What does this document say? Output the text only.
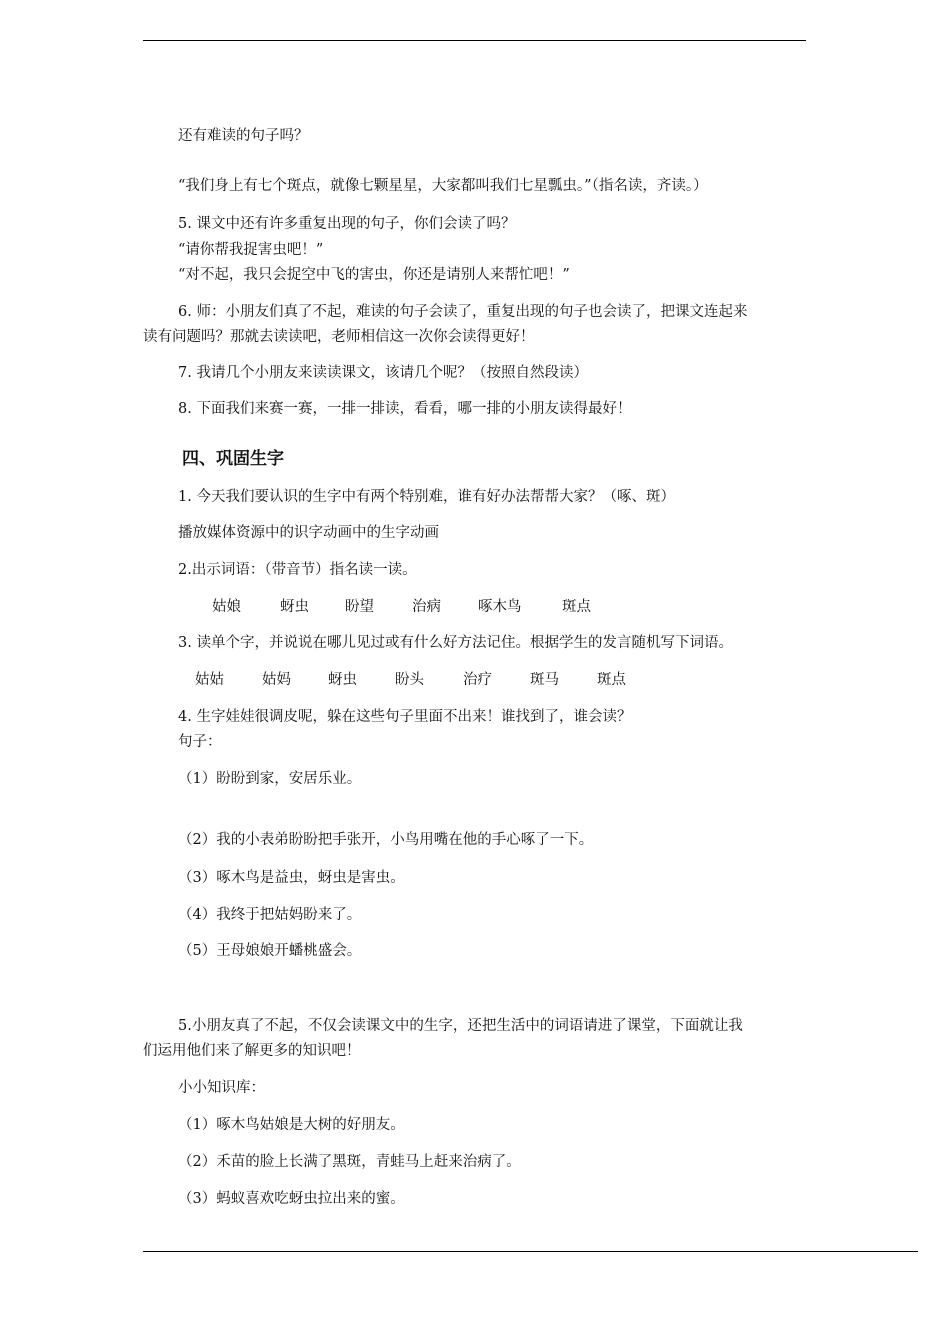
还有难读的句子吗？
“我们身上有七个斑点，就像七颗星星，大家都叫我们七星瓢虫。”（指名读，齐读。）
5. 课文中还有许多重复出现的句子，你们会读了吗？
“请你帮我捉害虫吧！”
“对不起，我只会捉空中飞的害虫，你还是请别人来帮忙吧！”
6. 师：小朋友们真了不起，难读的句子会读了，重复出现的句子也会读了，把课文连起来
读有问题吗？那就去读读吧，老师相信这一次你会读得更好！
7. 我请几个小朋友来读读课文，该请几个呢？（按照自然段读）
8. 下面我们来赛一赛，一排一排读，看看，哪一排的小朋友读得最好！
四、巩固生字
1. 今天我们要认识的生字中有两个特别难，谁有好办法帮帮大家？（啄、斑）
播放媒体资源中的识字动画中的生字动画
2.出示词语：（带音节）指名读一读。
姑娘	蚜虫 盼望	治病	啄木鸟	斑点
3. 读单个字，并说说在哪儿见过或有什么好方法记住。根据学生的发言随机写下词语。
姑姑	姑妈	蚜虫	盼头	治疗	斑马	斑点
4. 生字娃娃很调皮呢，躲在这些句子里面不出来！谁找到了，谁会读？
句子：
（1）盼盼到家，安居乐业。
（2）我的小表弟盼盼把手张开，小鸟用嘴在他的手心啄了一下。
（3）啄木鸟是益虫，蚜虫是害虫。
（4）我终于把姑妈盼来了。
（5）王母娘娘开蟠桃盛会。
5.小朋友真了不起，不仅会读课文中的生字，还把生活中的词语请进了课堂，下面就让我
们运用他们来了解更多的知识吧！
小小知识库：
（1）啄木鸟姑娘是大树的好朋友。
（2）禾苗的脸上长满了黑斑，青蛙马上赶来治病了。
（3）蚂蚁喜欢吃蚜虫拉出来的蜜。
